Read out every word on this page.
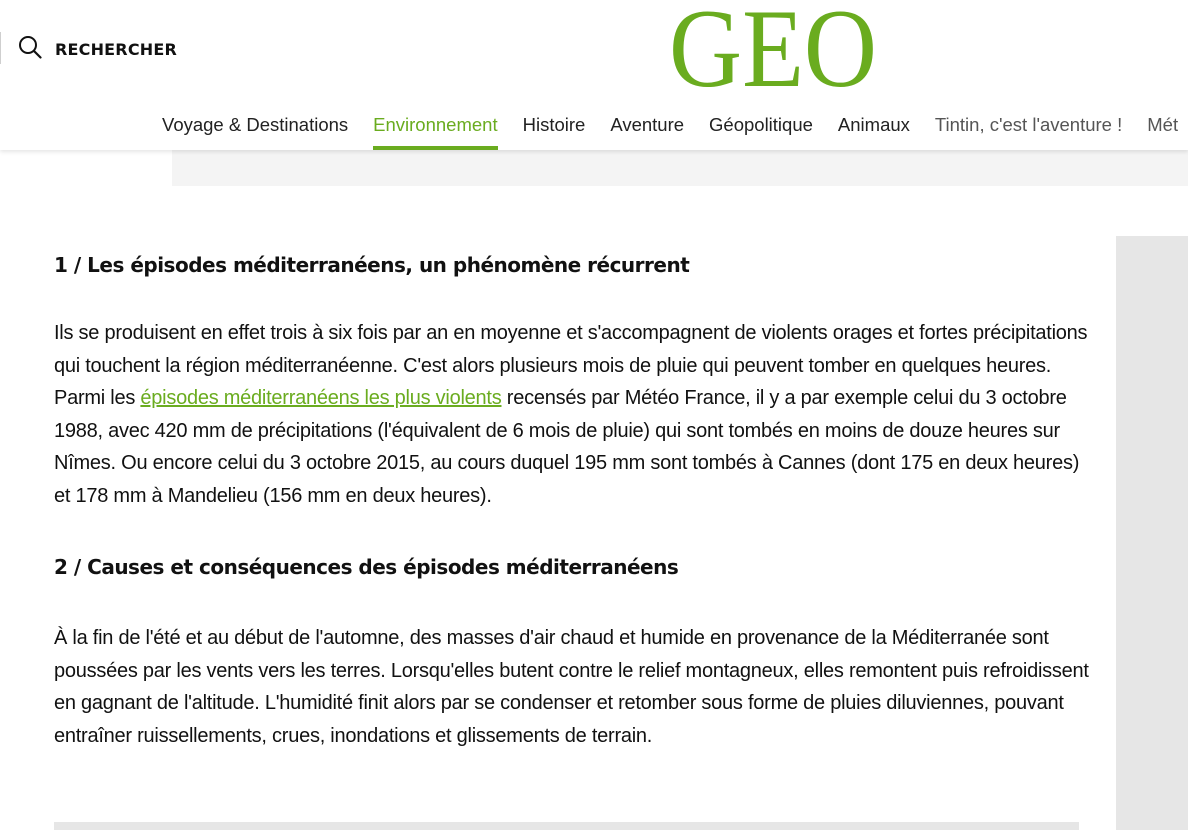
RECHERCHER	GEO
Voyage & Destinations Environnement Histoire Aventure Géopolitique Animaux Tintin, c'est l'aventure ! Mét
1 / Les épisodes méditerranéens, un phénomène récurrent

Ils se produisent en effet trois à six fois par an en moyenne et s'accompagnent de violents orages et fortes précipitations qui touchent la région méditerranéenne. C'est alors plusieurs mois de pluie qui peuvent tomber en quelques heures. Parmi les épisodes méditerranéens les plus violents recensés par Météo France, il y a par exemple celui du 3 octobre 1988, avec 420 mm de précipitations (l'équivalent de 6 mois de pluie) qui sont tombés en moins de douze heures sur Nîmes. Ou encore celui du 3 octobre 2015, au cours duquel 195 mm sont tombés à Cannes (dont 175 en deux heures) et 178 mm à Mandelieu (156 mm en deux heures).

2 / Causes et conséquences des épisodes méditerranéens

À la fin de l'été et au début de l'automne, des masses d'air chaud et humide en provenance de la Méditerranée sont poussées par les vents vers les terres. Lorsqu'elles butent contre le relief montagneux, elles remontent puis refroidissent en gagnant de l'altitude. L'humidité finit alors par se condenser et retomber sous forme de pluies diluviennes, pouvant entraîner ruissellements, crues, inondations et glissements de terrain.
